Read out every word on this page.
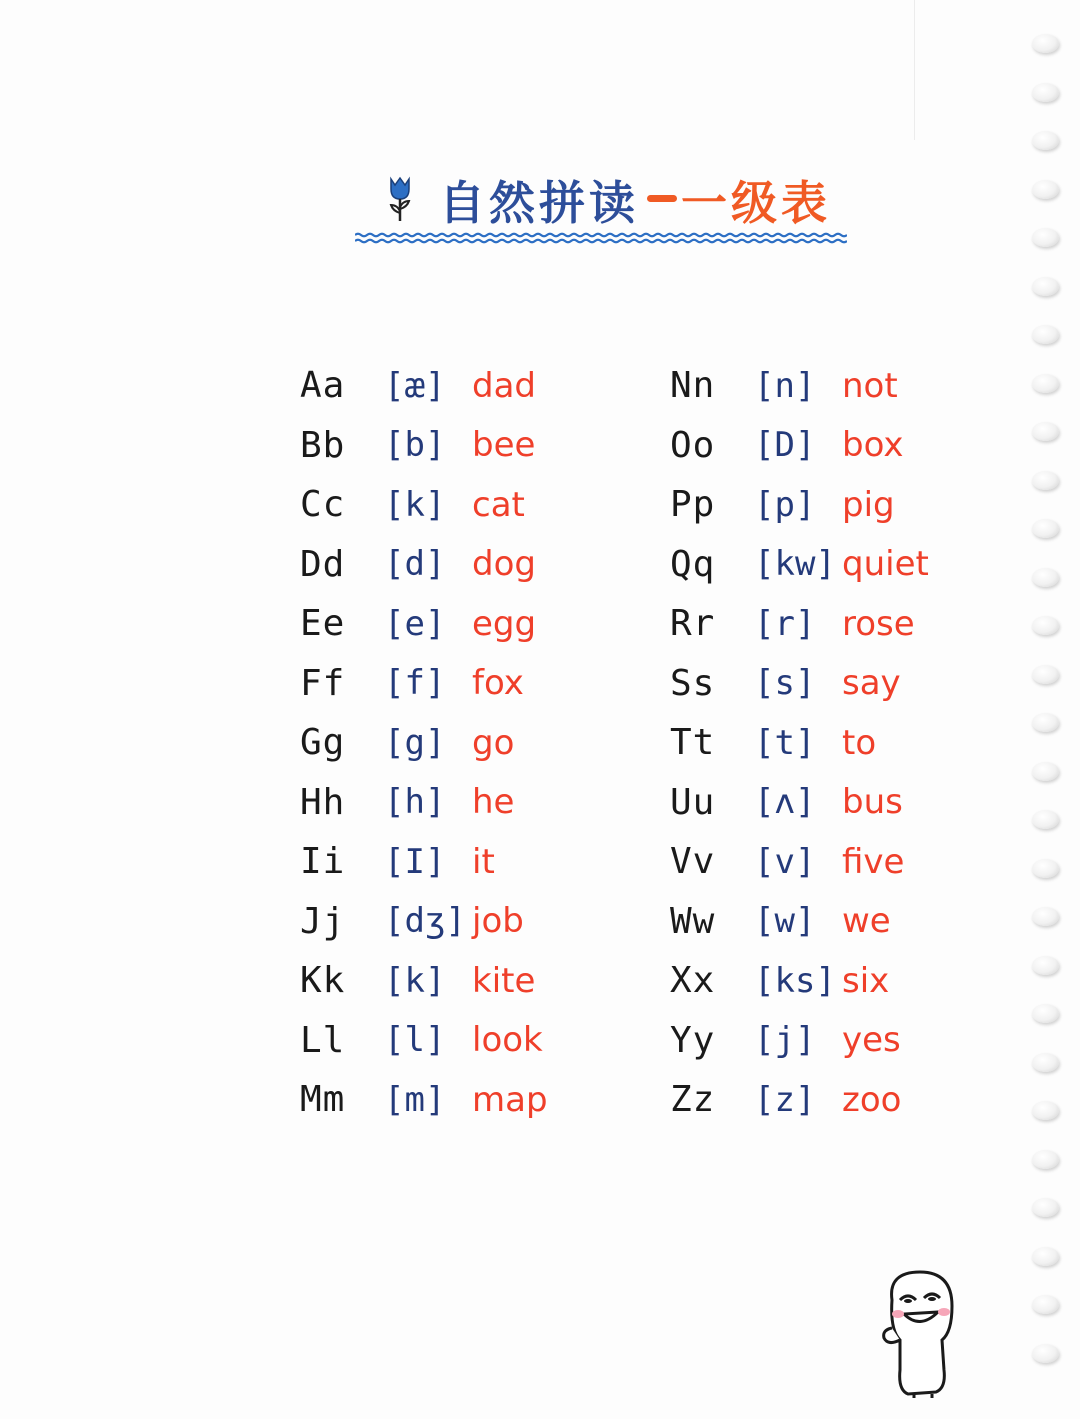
自然拼读 一级表
Aa	[æ] dad
Bb	[b] bee
Cc	[k] cat
Dd	[d] dog
Ee	[e] egg
Ff	[f] fox
Gg	[g] go
Hh	[h] he
Ii	[I] it
Jj	[dʒ] job
Kk	[k] kite
Ll	[l] look
Mm	[m] map
Nn	[n] not
Oo	[D] box
Pp	[p] pig
Qq	[kw] quiet
Rr	[r] rose
Ss	[s] say
Tt	[t] to
Uu	[ʌ] bus
Vv	[v] five
Ww	[w] we
Xx	[ks] six
Yy	[j] yes
Zz	[z] zoo
